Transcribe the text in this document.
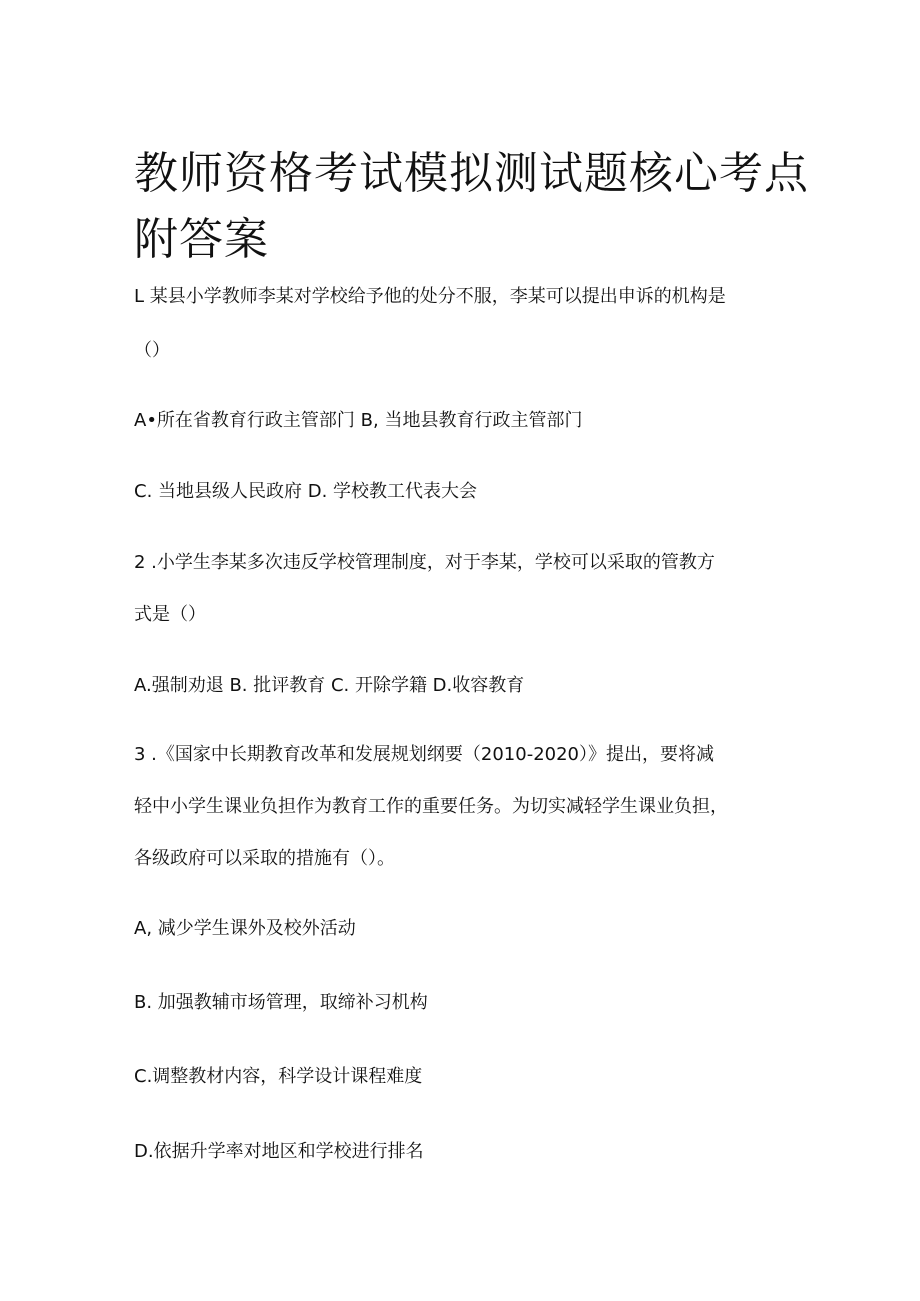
教师资格考试模拟测试题核心考点附答案
L 某县小学教师李某对学校给予他的处分不服，李某可以提出申诉的机构是
（）
A•所在省教育行政主管部门 B, 当地县教育行政主管部门
C. 当地县级人民政府 D. 学校教工代表大会
2 .小学生李某多次违反学校管理制度，对于李某，学校可以采取的管教方
式是（）
A.强制劝退 B. 批评教育 C. 开除学籍 D.收容教育
3 .《国家中长期教育改革和发展规划纲要（2010-2020）》提出，要将减
轻中小学生课业负担作为教育工作的重要任务。为切实减轻学生课业负担，
各级政府可以采取的措施有（）。
A, 减少学生课外及校外活动
B. 加强教辅市场管理，取缔补习机构
C.调整教材内容，科学设计课程难度
D.依据升学率对地区和学校进行排名
